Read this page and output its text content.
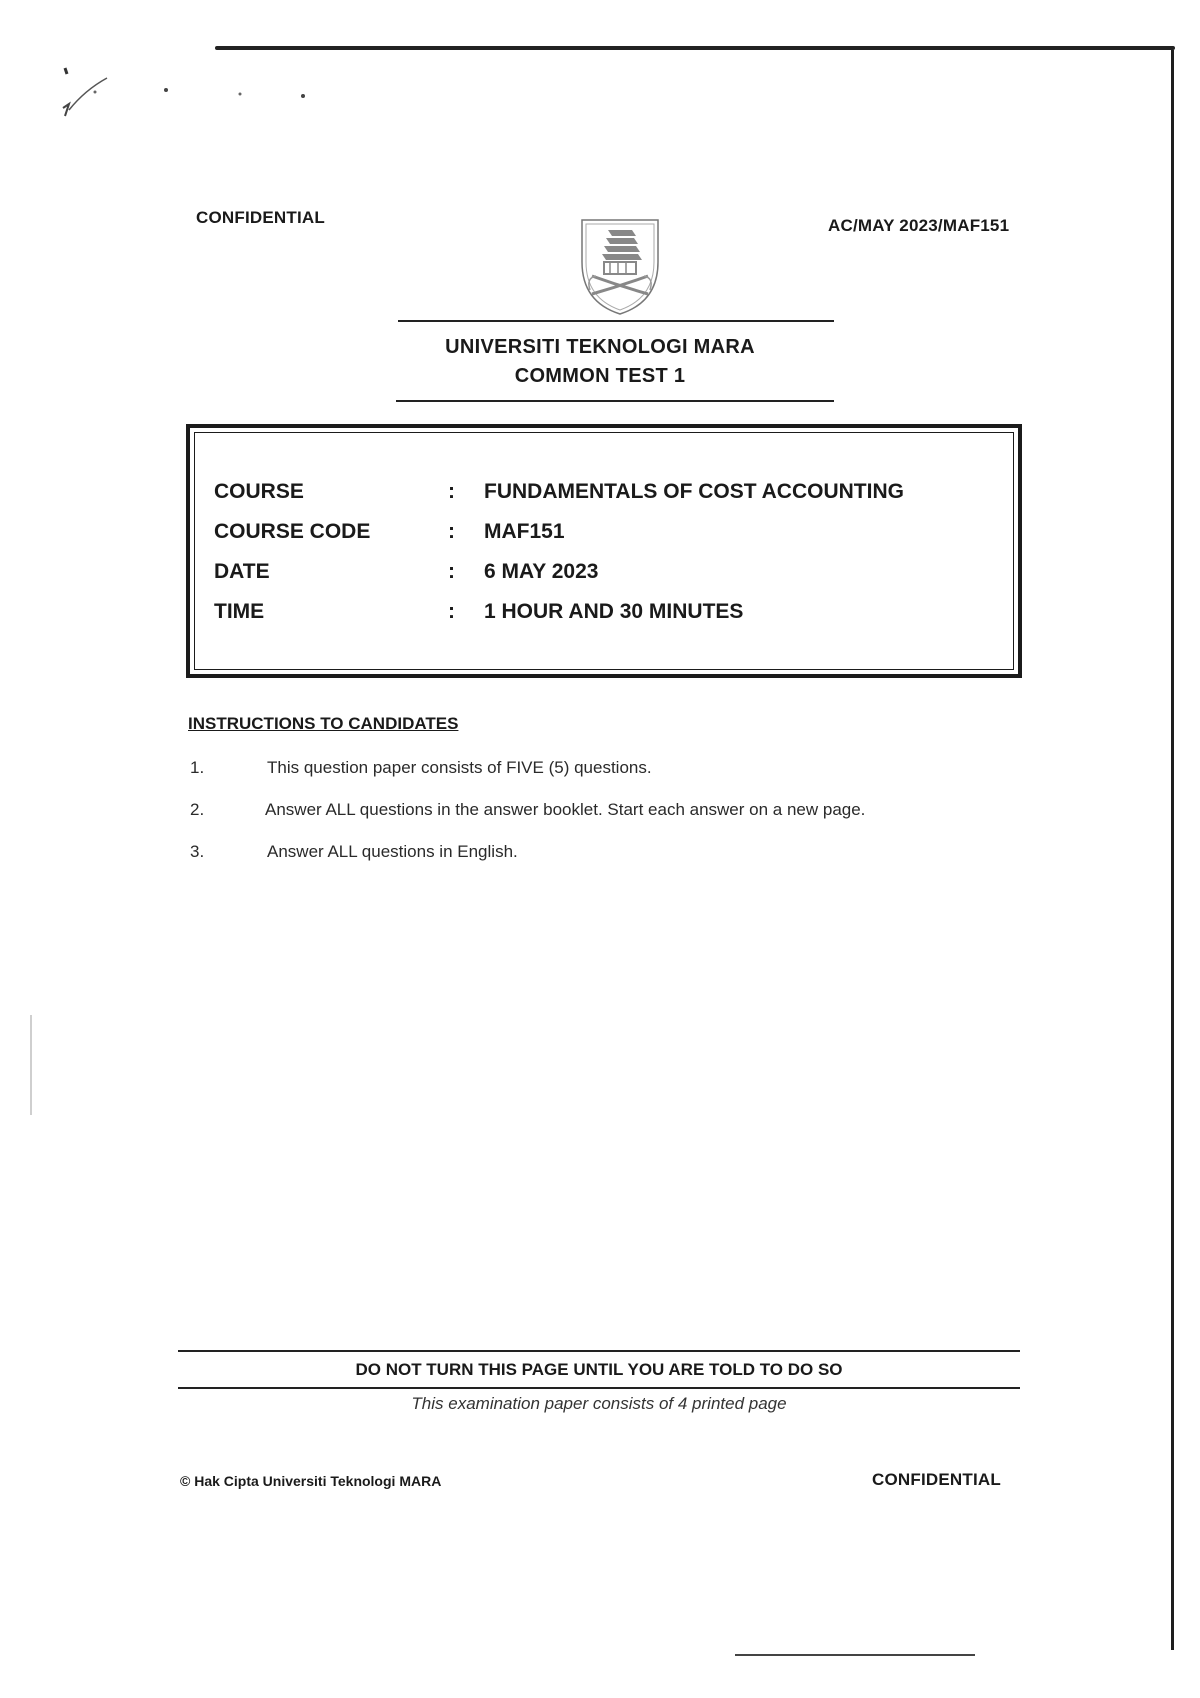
CONFIDENTIAL	AC/MAY 2023/MAF151
UNIVERSITI TEKNOLOGI MARA
COMMON TEST 1
COURSE	: FUNDAMENTALS OF COST ACCOUNTING
COURSE CODE	: MAF151
DATE	: 6 MAY 2023
TIME	: 1 HOUR AND 30 MINUTES
INSTRUCTIONS TO CANDIDATES
1.	This question paper consists of FIVE (5) questions.
2.	Answer ALL questions in the answer booklet. Start each answer on a new page.
3.	Answer ALL questions in English.
DO NOT TURN THIS PAGE UNTIL YOU ARE TOLD TO DO SO
This examination paper consists of 4 printed page
© Hak Cipta Universiti Teknologi MARA	CONFIDENTIAL
